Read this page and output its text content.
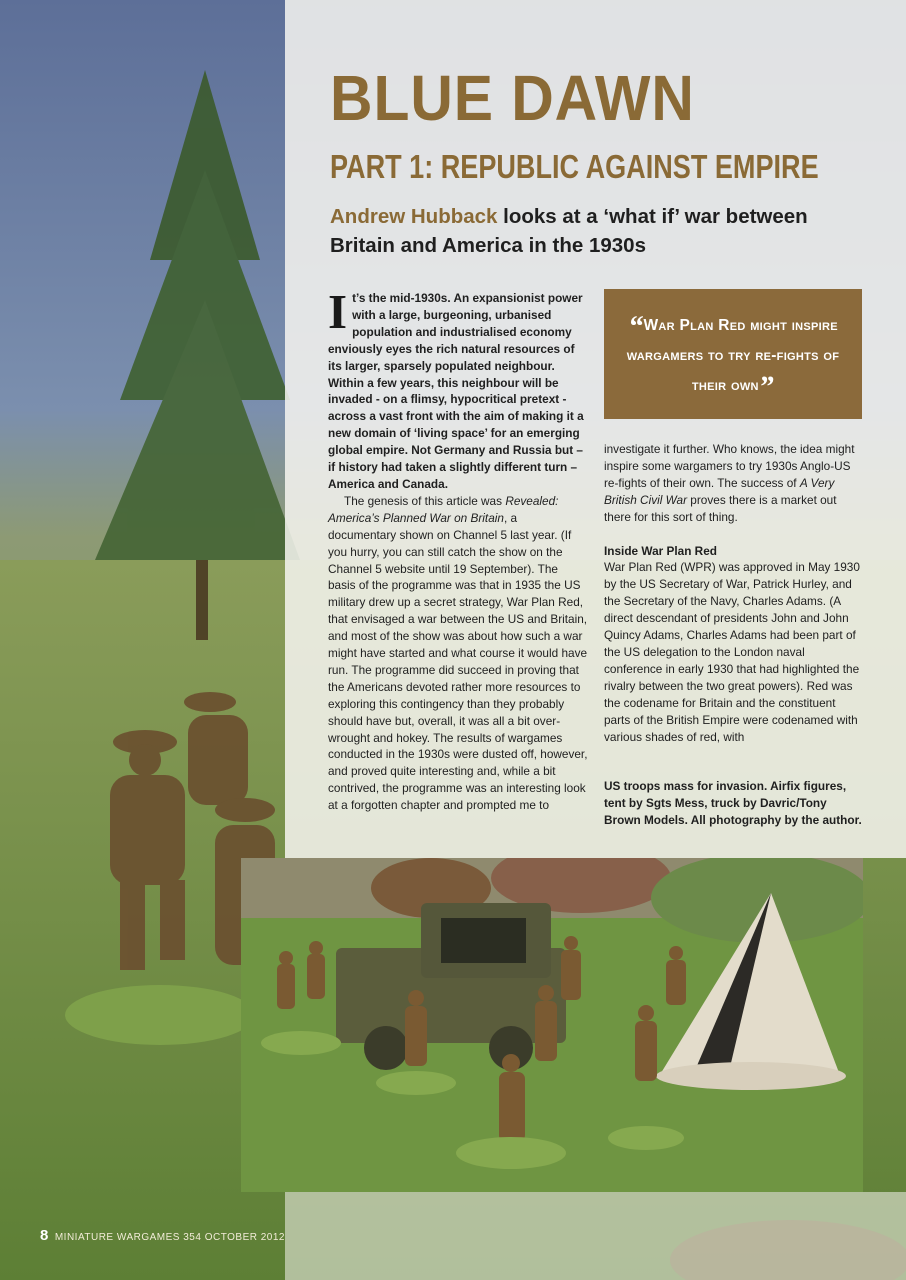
BLUE DAWN
PART 1: REPUBLIC AGAINST EMPIRE

Andrew Hubback looks at a ‘what if’ war between Britain and America in the 1930s

It’s the mid-1930s. An expansionist power with a large, burgeoning, urbanised population and industrialised economy enviously eyes the rich natural resources of its larger, sparsely populated neighbour. Within a few years, this neighbour will be invaded - on a flimsy, hypocritical pretext - across a vast front with the aim of making it a new domain of ‘living space’ for an emerging global empire. Not Germany and Russia but – if history had taken a slightly different turn – America and Canada.

The genesis of this article was Revealed: America’s Planned War on Britain, a documentary shown on Channel 5 last year. (If you hurry, you can still catch the show on the Channel 5 website until 19 September). The basis of the programme was that in 1935 the US military drew up a secret strategy, War Plan Red, that envisaged a war between the US and Britain, and most of the show was about how such a war might have started and what course it would have run. The programme did succeed in proving that the Americans devoted rather more resources to exploring this contingency than they probably should have but, overall, it was all a bit over-wrought and hokey. The results of wargames conducted in the 1930s were dusted off, however, and proved quite interesting and, while a bit contrived, the programme was an interesting look at a forgotten chapter and prompted me to

“War Plan Red might inspire wargamers to try re-fights of their own”

investigate it further. Who knows, the idea might inspire some wargamers to try 1930s Anglo-US re-fights of their own. The success of A Very British Civil War proves there is a market out there for this sort of thing.

Inside War Plan Red

War Plan Red (WPR) was approved in May 1930 by the US Secretary of War, Patrick Hurley, and the Secretary of the Navy, Charles Adams. (A direct descendant of presidents John and John Quincy Adams, Charles Adams had been part of the US delegation to the London naval conference in early 1930 that had highlighted the rivalry between the two great powers). Red was the codename for Britain and the constituent parts of the British Empire were codenamed with various shades of red, with

US troops mass for invasion. Airfix figures, tent by Sgts Mess, truck by Davric/Tony Brown Models. All photography by the author.
8 MINIATURE WARGAMES 354 OCTOBER 2012
